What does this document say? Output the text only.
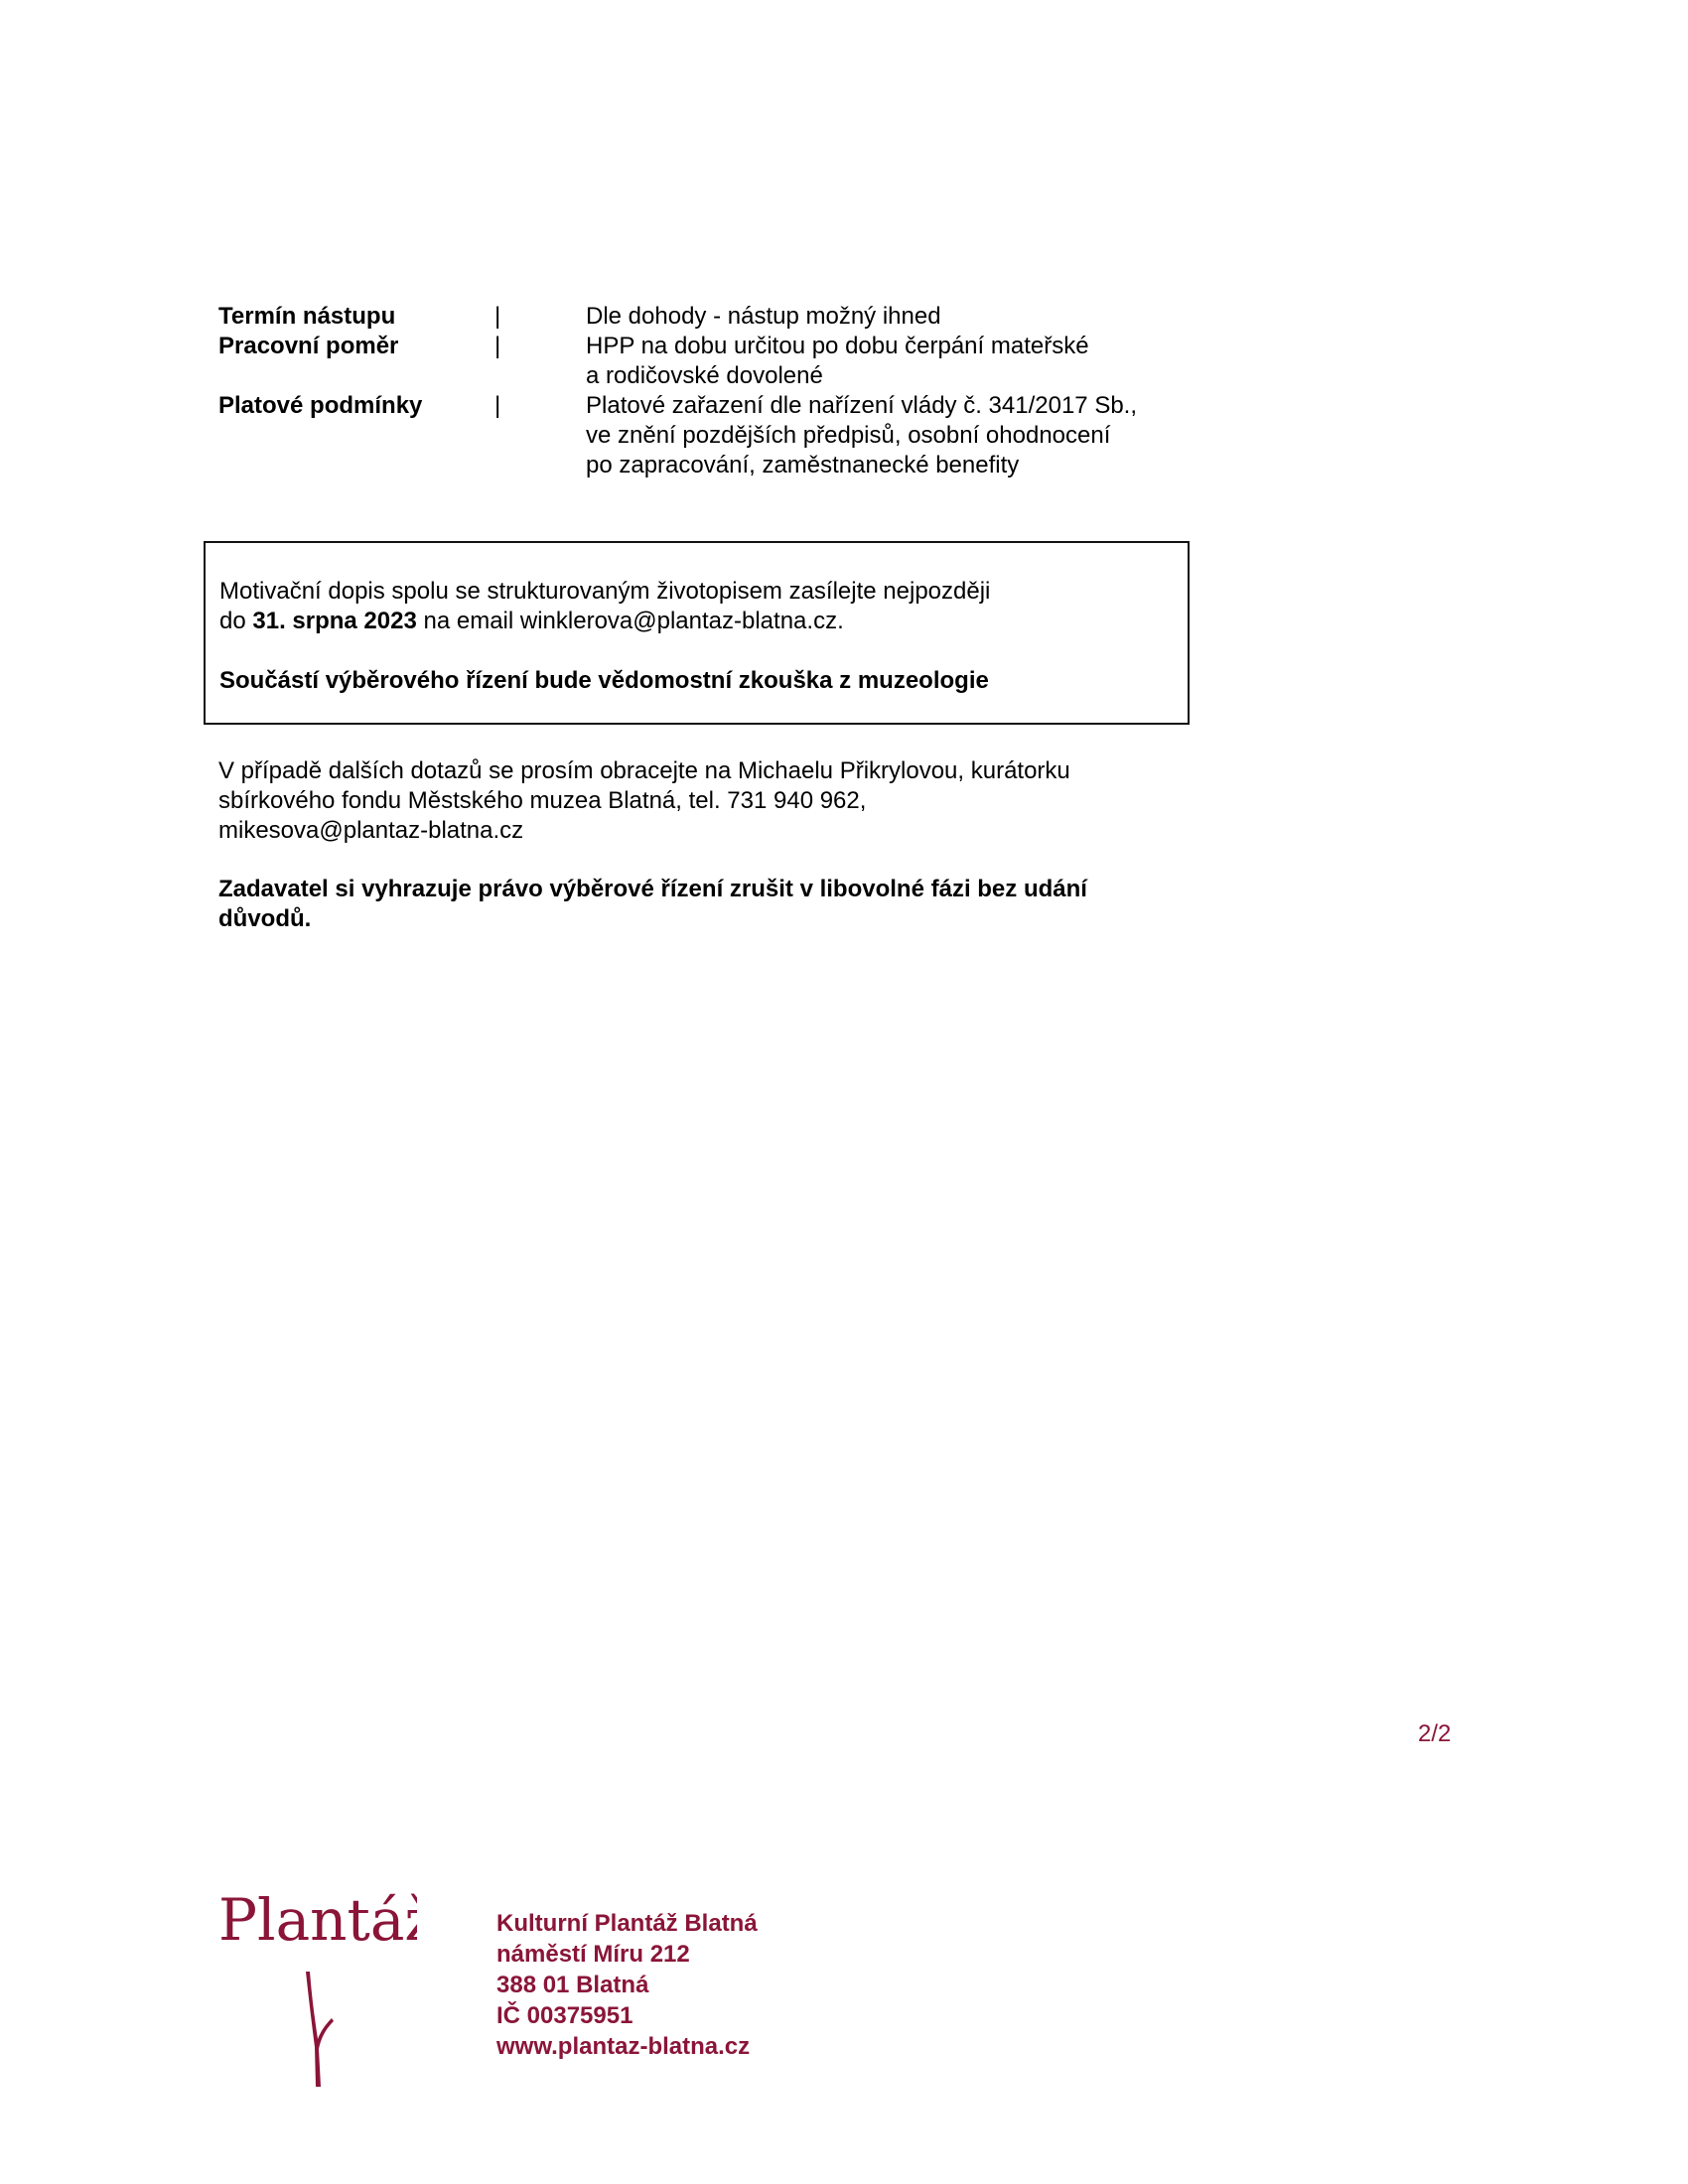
Termín nástupu	|	Dle dohody - nástup možný ihned
Pracovní poměr	|	HPP na dobu určitou po dobu čerpání mateřské
a rodičovské dovolené
Platové podmínky	|	Platové zařazení dle nařízení vlády č. 341/2017 Sb.,
ve znění pozdějších předpisů, osobní ohodnocení
po zapracování, zaměstnanecké benefity
Motivační dopis spolu se strukturovaným životopisem zasílejte nejpozději
do 31. srpna 2023 na email winklerova@plantaz-blatna.cz.
Součástí výběrového řízení bude vědomostní zkouška z muzeologie
V případě dalších dotazů se prosím obracejte na Michaelu Přikrylovou, kurátorku
sbírkového fondu Městského muzea Blatná, tel. 731 940 962,
mikesova@plantaz-blatna.cz
Zadavatel si vyhrazuje právo výběrové řízení zrušit v libovolné fázi bez udání
důvodů.
2/2
Plantáž	Kulturní Plantáž Blatná
náměstí Míru 212
388 01 Blatná
IČ 00375951
www.plantaz-blatna.cz
